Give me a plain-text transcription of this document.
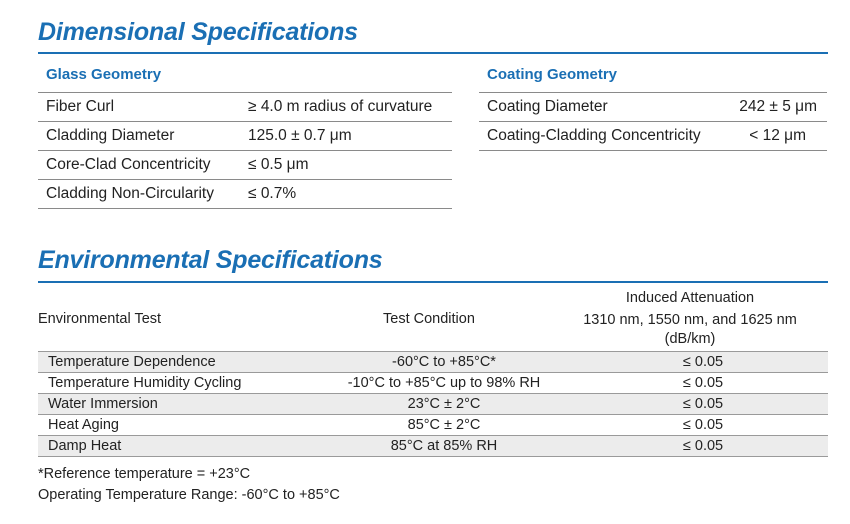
Dimensional Specifications
Glass Geometry
Fiber Curl	≥ 4.0 m radius of curvature
Cladding Diameter	125.0 ± 0.7 μm
Core-Clad Concentricity	≤ 0.5 μm
Cladding Non-Circularity	≤ 0.7%
Coating Geometry
Coating Diameter	242 ± 5 μm
Coating-Cladding Concentricity	< 12 μm
Environmental Specifications
Environmental Test	Test Condition
Induced Attenuation
1310 nm, 1550 nm, and 1625 nm
(dB/km)
Temperature Dependence	-60°C to +85°C*	≤ 0.05
Temperature Humidity Cycling	-10°C to +85°C up to 98% RH	≤ 0.05
Water Immersion	23°C ± 2°C	≤ 0.05
Heat Aging	85°C ± 2°C	≤ 0.05
Damp Heat	85°C at 85% RH	≤ 0.05
*Reference temperature = +23°C
Operating Temperature Range: -60°C to +85°C
